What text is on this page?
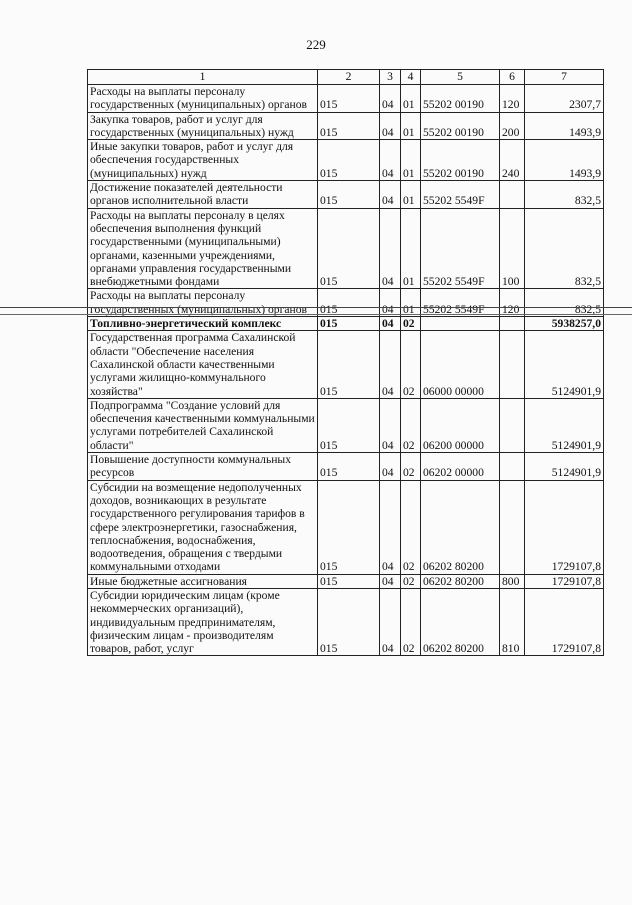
229
1	2	3	4	5	6	7
Расходы на выплаты персоналу государственных (муниципальных) органов	015	04	01	55202 00190	120	2307,7
Закупка товаров, работ и услуг для государственных (муниципальных) нужд	015	04	01	55202 00190	200	1493,9
Иные закупки товаров, работ и услуг для обеспечения государственных (муниципальных) нужд	015	04	01	55202 00190	240	1493,9
Достижение показателей деятельности органов исполнительной власти	015	04	01	55202 5549F		832,5
Расходы на выплаты персоналу в целях обеспечения выполнения функций государственными (муниципальными) органами, казенными учреждениями, органами управления государственными внебюджетными фондами	015	04	01	55202 5549F	100	832,5
Расходы на выплаты персоналу государственных (муниципальных) органов	015	04	01	55202 5549F	120	832,5
Топливно-энергетический комплекс	015	04	02			5938257,0
Государственная программа Сахалинской области "Обеспечение населения Сахалинской области качественными услугами жилищно-коммунального хозяйства"	015	04	02	06000 00000		5124901,9
Подпрограмма "Создание условий для обеспечения качественными коммунальными услугами потребителей Сахалинской области"	015	04	02	06200 00000		5124901,9
Повышение доступности коммунальных ресурсов	015	04	02	06202 00000		5124901,9
Субсидии на возмещение недополученных доходов, возникающих в результате государственного регулирования тарифов в сфере электроэнергетики, газоснабжения, теплоснабжения, водоснабжения, водоотведения, обращения с твердыми коммунальными отходами	015	04	02	06202 80200		1729107,8
Иные бюджетные ассигнования	015	04	02	06202 80200	800	1729107,8
Субсидии юридическим лицам (кроме некоммерческих организаций), индивидуальным предпринимателям, физическим лицам - производителям товаров, работ, услуг	015	04	02	06202 80200	810	1729107,8
